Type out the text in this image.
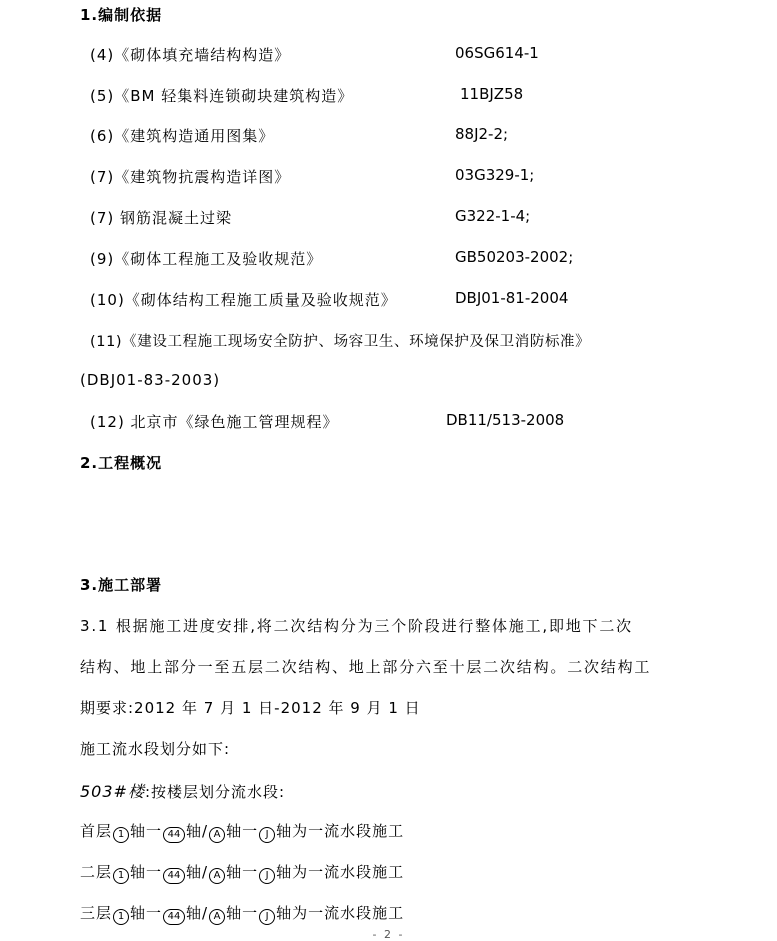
1.编制依据
(4)《砌体填充墙结构构造》	06SG614-1
(5)《BM 轻集料连锁砌块建筑构造》	11BJZ58
(6)《建筑构造通用图集》	88J2-2;
(7)《建筑物抗震构造详图》	03G329-1;
(7) 钢筋混凝土过梁	G322-1-4;
(9)《砌体工程施工及验收规范》	GB50203-2002;
(10)《砌体结构工程施工质量及验收规范》	DBJ01-81-2004
(11)《建设工程施工现场安全防护、场容卫生、环境保护及保卫消防标准》
(DBJ01-83-2003)
(12) 北京市《绿色施工管理规程》	DB11/513-2008
2.工程概况
3.施工部署
3.1 根据施工进度安排,将二次结构分为三个阶段进行整体施工,即地下二次
结构、地上部分一至五层二次结构、地上部分六至十层二次结构。二次结构工
期要求:2012 年 7 月 1 日-2012 年 9 月 1 日
施工流水段划分如下:
503#楼:按楼层划分流水段:
首层 1 轴一 44 轴/ A 轴一 J 轴为一流水段施工
二层 1 轴一 44 轴/ A 轴一 J 轴为一流水段施工
三层 1 轴一 44 轴/ A 轴一 J 轴为一流水段施工
- 2 -
